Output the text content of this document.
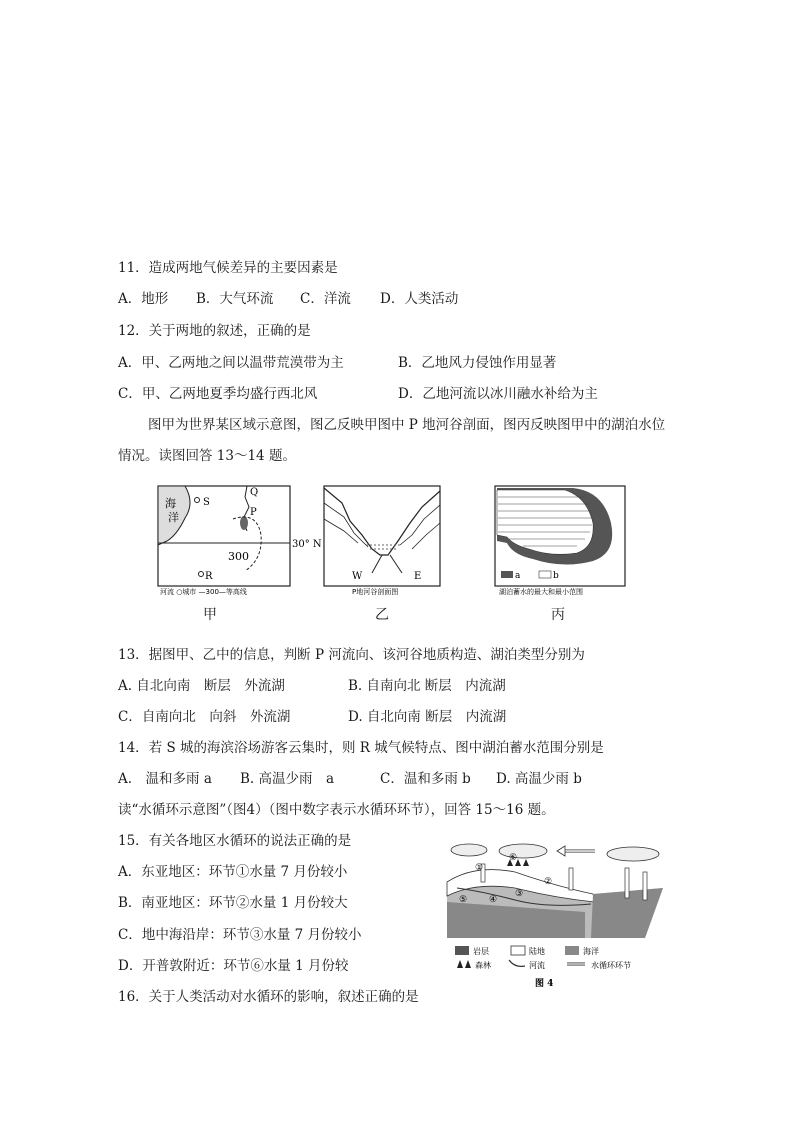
11．造成两地气候差异的主要因素是
A．地形 B．大气环流 C．洋流 D．人类活动
12．关于两地的叙述，正确的是
A．甲、乙两地之间以温带荒漠带为主	B．乙地风力侵蚀作用显著
C．甲、乙两地夏季均盛行西北风	D．乙地河流以冰川融水补给为主
图甲为世界某区域示意图，图乙反映甲图中 P 地河谷剖面，图丙反映图甲中的湖泊水位
情况。读图回答 13～14 题。
海
洋
S
Q
P
300
30° N
R
河流 ○城市 —300—等高线
甲
W	E
P地河谷剖面图
乙
a	b
湖泊蓄水的最大和最小范围
丙
13．据图甲、乙中的信息，判断 P 河流向、该河谷地质构造、湖泊类型分别为
A. 自北向南　断层　外流湖	B. 自南向北 断层　内流湖
C．自南向北　向斜　外流湖	D. 自北向南 断层　内流湖
14．若 S 城的海滨浴场游客云集时，则 R 城气候特点、图中湖泊蓄水范围分别是
A.　温和多雨 a B. 高温少雨　a	C．温和多雨 b D. 高温少雨 b
读“水循环示意图”（图4）（图中数字表示水循环环节），回答 15～16 题。
15．有关各地区水循环的说法正确的是
A．东亚地区：环节①水量 7 月份较小
B．南亚地区：环节②水量 1 月份较大
C．地中海沿岸：环节③水量 7 月份较小
D．开普敦附近：环节⑥水量 1 月份较
16．关于人类活动对水循环的影响，叙述正确的是
①
②
③
④
⑤
⑥
岩层	陆地	海洋
森林	河流	水循环环节
图 4
